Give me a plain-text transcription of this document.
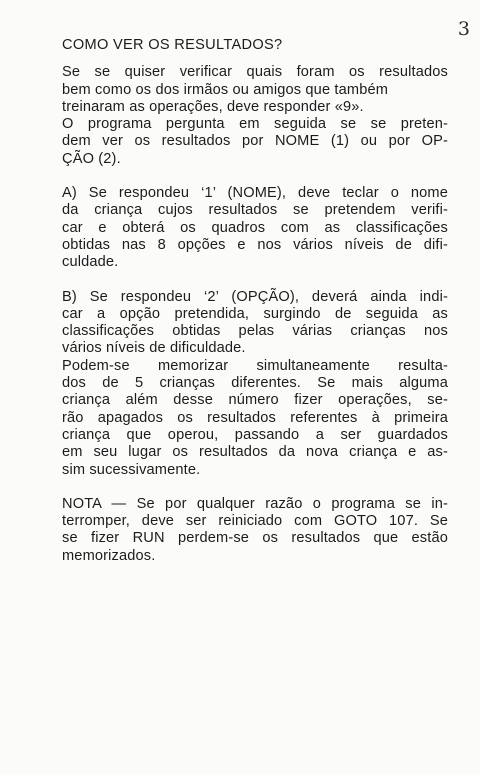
3
COMO VER OS RESULTADOS?
Se se quiser verificar quais foram os resultados
bem como os dos irmãos ou amigos que também
treinaram as operações, deve responder «9».
O programa pergunta em seguida se se preten-
dem ver os resultados por NOME (1) ou por OP-
ÇÃO (2).
A) Se respondeu ‘1’ (NOME), deve teclar o nome
da criança cujos resultados se pretendem verifi-
car e obterá os quadros com as classificações
obtidas nas 8 opções e nos vários níveis de difi-
culdade.
B) Se respondeu ‘2’ (OPÇÃO), deverá ainda indi-
car a opção pretendida, surgindo de seguida as
classificações obtidas pelas várias crianças nos
vários níveis de dificuldade.
Podem-se memorizar simultaneamente resulta-
dos de 5 crianças diferentes. Se mais alguma
criança além desse número fizer operações, se-
rão apagados os resultados referentes à primeira
criança que operou, passando a ser guardados
em seu lugar os resultados da nova criança e as-
sim sucessivamente.
NOTA — Se por qualquer razão o programa se in-
terromper, deve ser reiniciado com GOTO 107. Se
se fizer RUN perdem-se os resultados que estão
memorizados.
